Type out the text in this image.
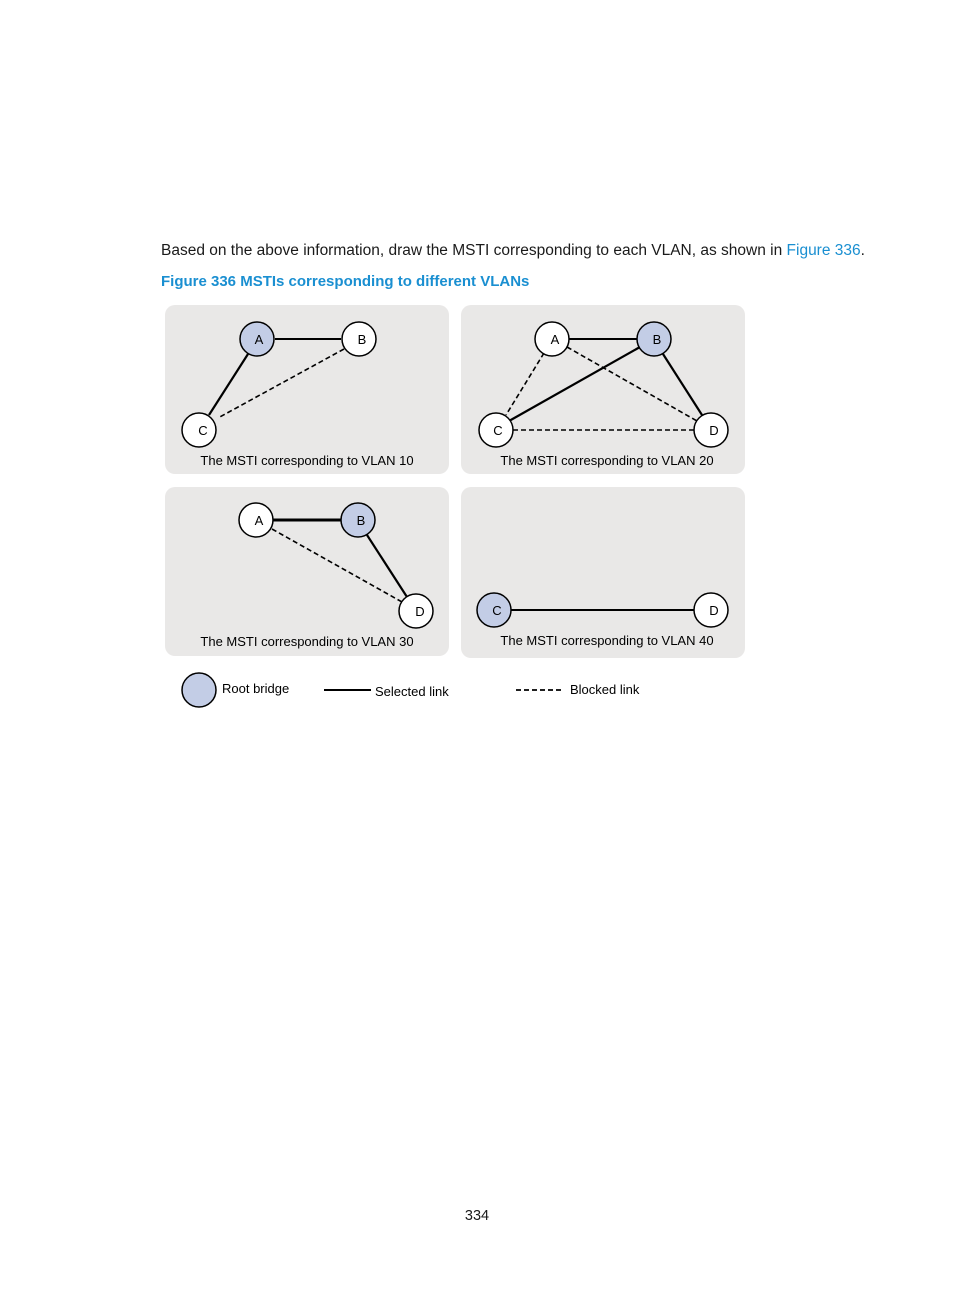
Based on the above information, draw the MSTI corresponding to each VLAN, as shown in Figure 336.
Figure 336 MSTIs corresponding to different VLANs
A	B
C
The MSTI corresponding to VLAN 10
A	B
C	D
The MSTI corresponding to VLAN 20
A	B
D
The MSTI corresponding to VLAN 30
C	D
The MSTI corresponding to VLAN 40
Root bridge	Selected link	Blocked link
334
